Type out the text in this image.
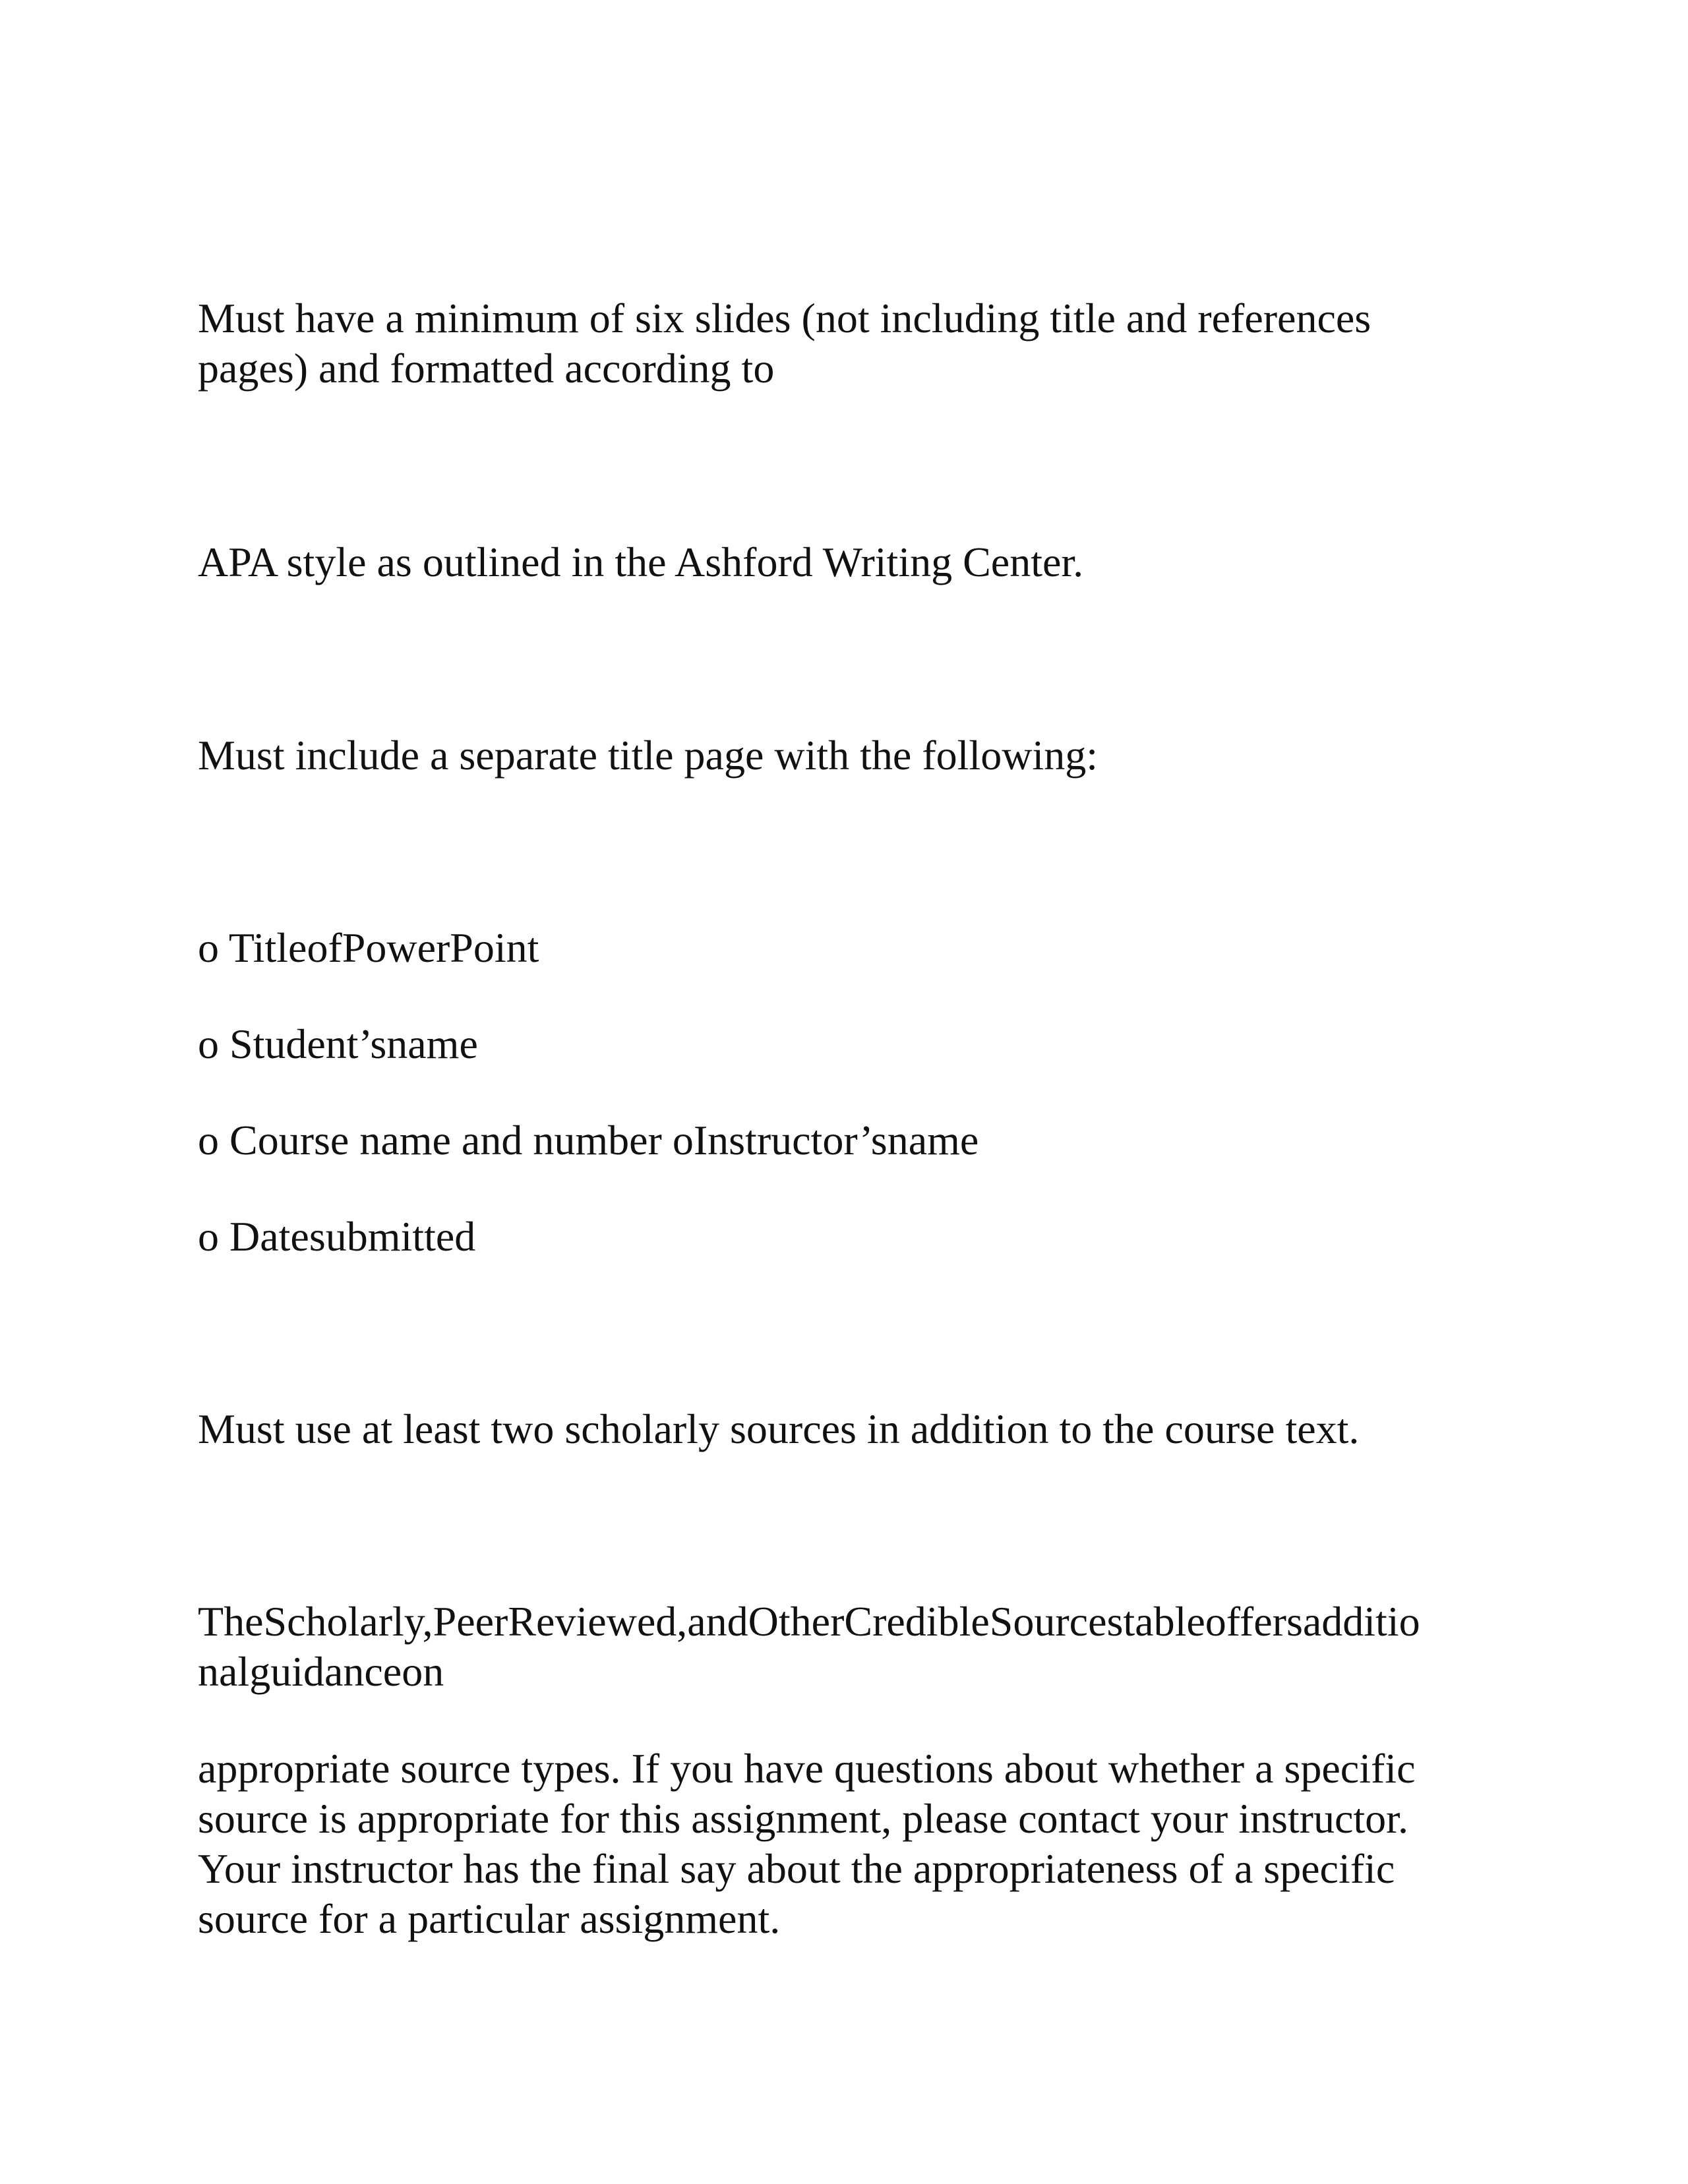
Must have a minimum of six slides (not including title and references
pages) and formatted according to

APA style as outlined in the Ashford Writing Center.

Must include a separate title page with the following:

o TitleofPowerPoint

o Student’sname

o Course name and number oInstructor’sname

o Datesubmitted

Must use at least two scholarly sources in addition to the course text.

TheScholarly,PeerReviewed,andOtherCredibleSourcestableoffersadditio
nalguidanceon

appropriate source types. If you have questions about whether a specific
source is appropriate for this assignment, please contact your instructor.
Your instructor has the final say about the appropriateness of a specific
source for a particular assignment.
